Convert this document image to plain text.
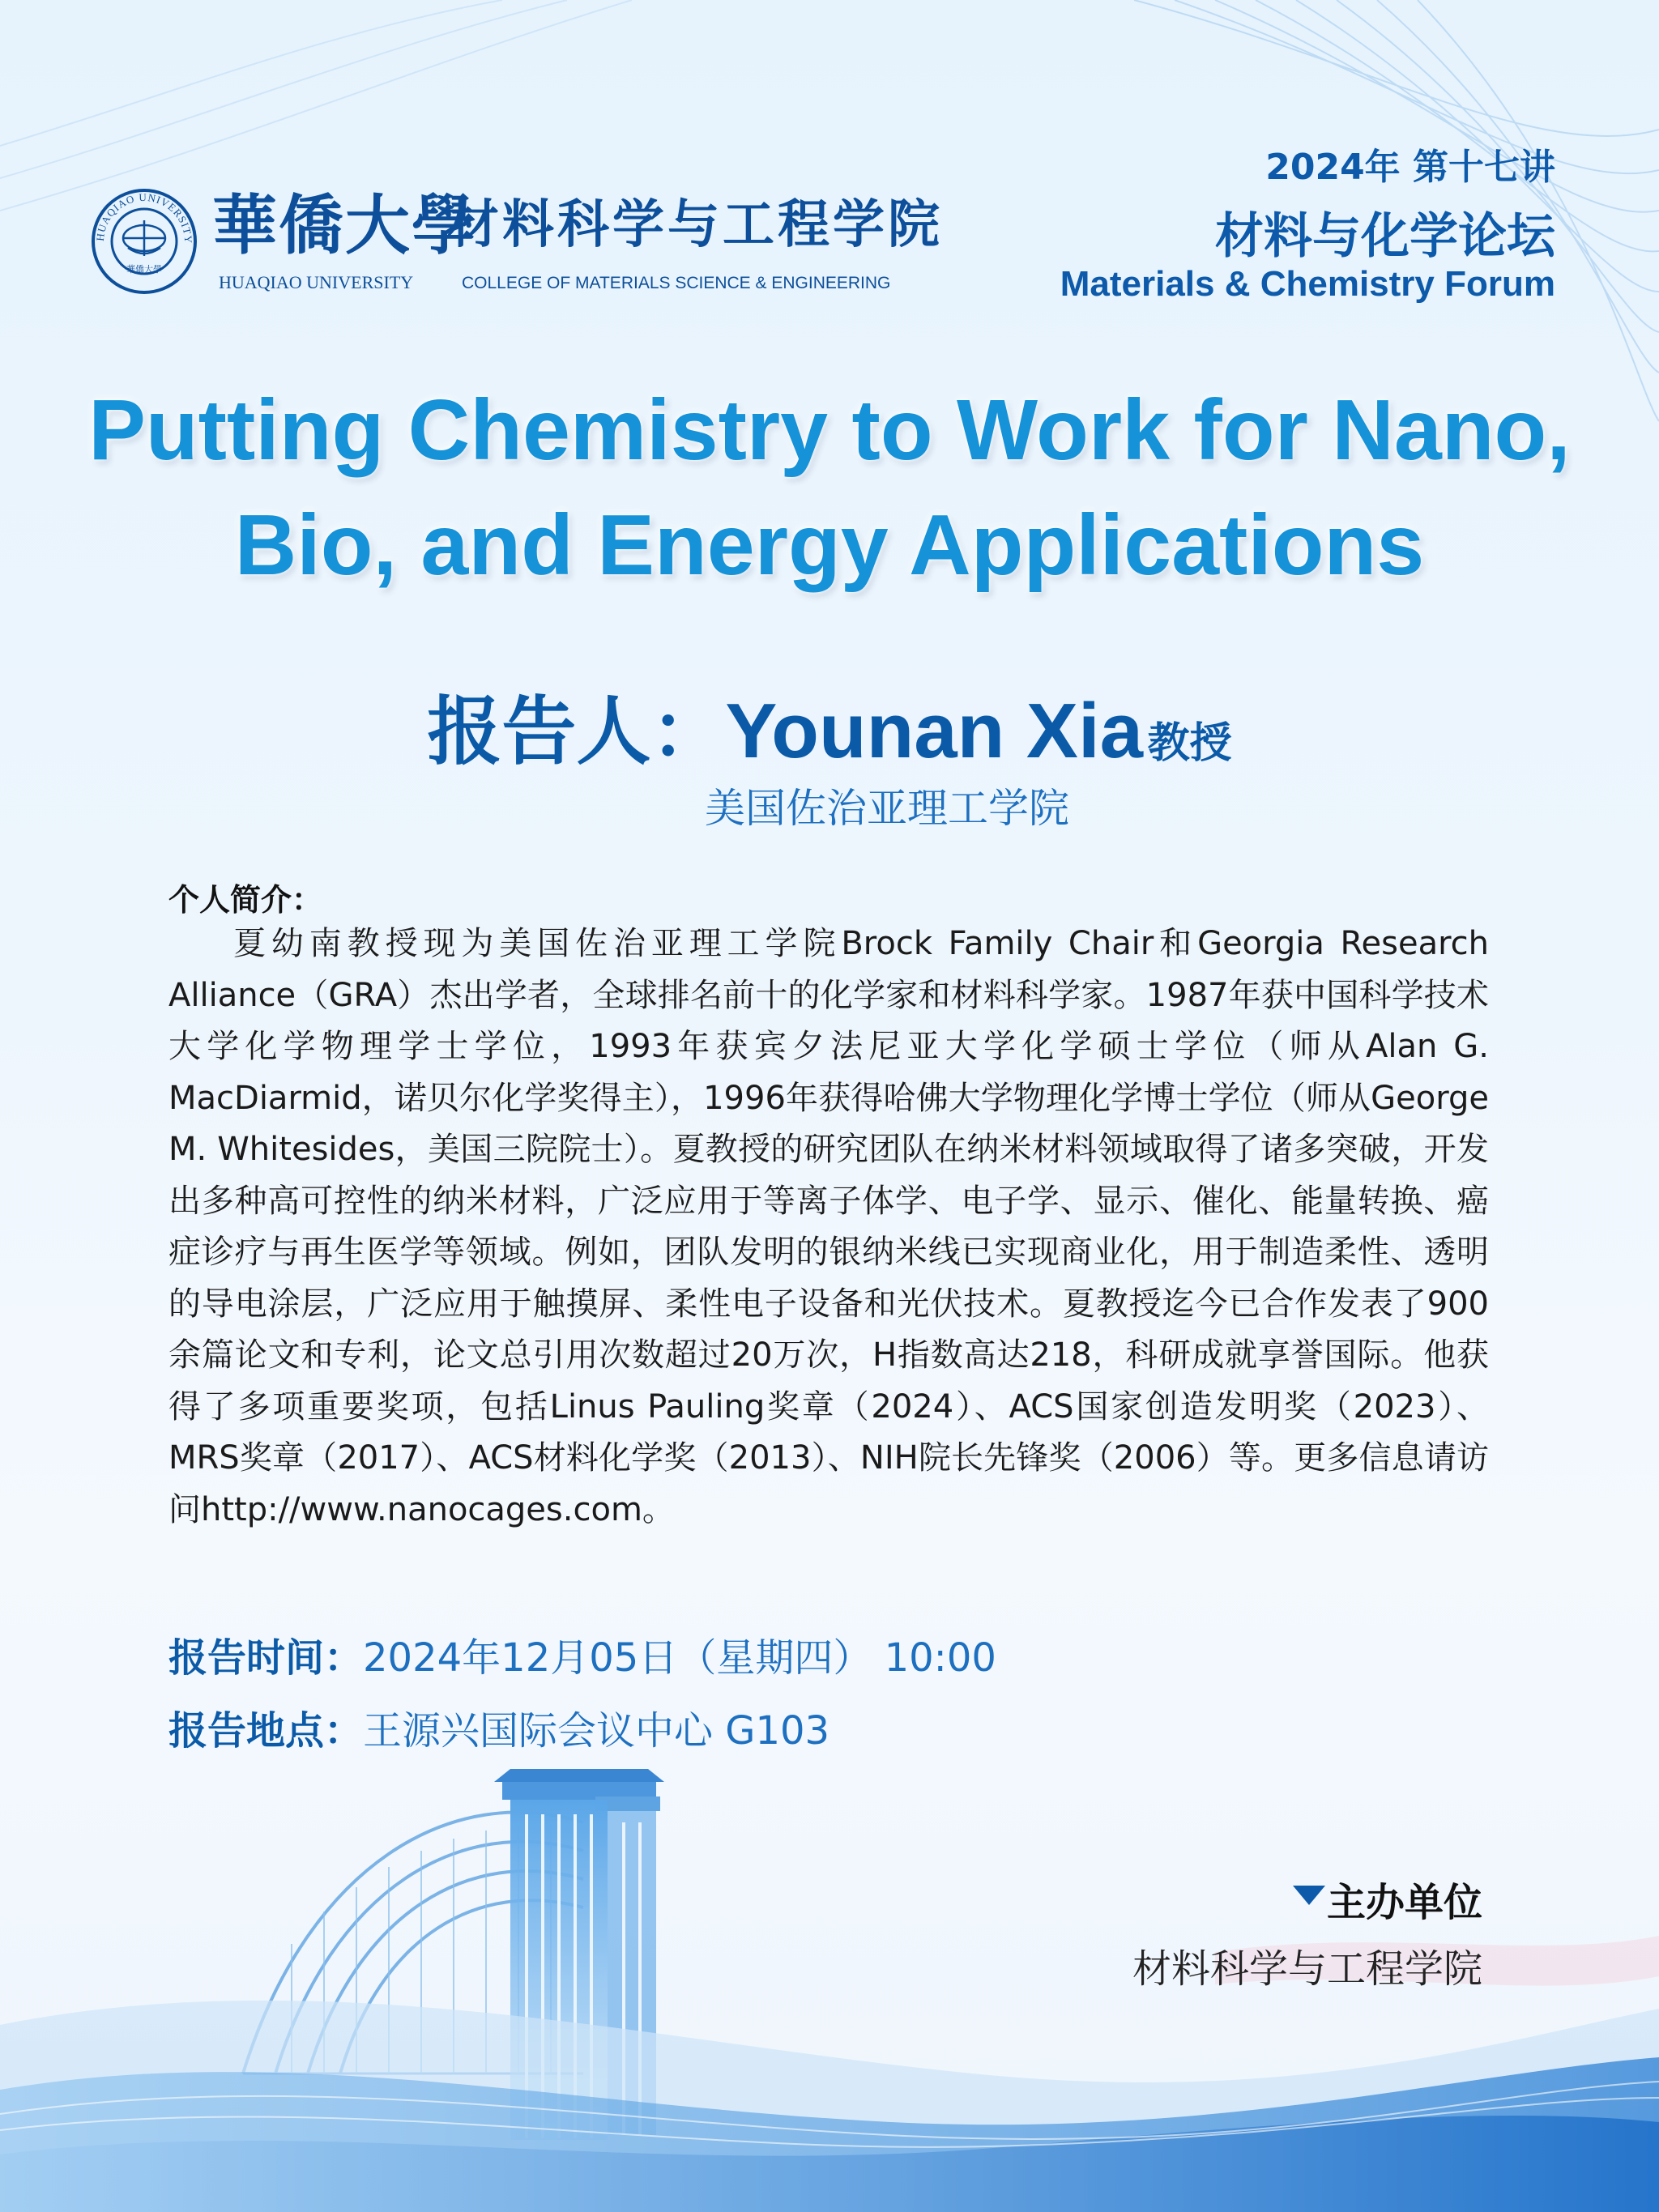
HUAQIAO UNIVERSITY
華僑大學
華僑大學
材料科学与工程学院
HUAQIAO UNIVERSITY	COLLEGE OF MATERIALS SCIENCE & ENGINEERING
2024年 第十七讲
材料与化学论坛
Materials & Chemistry Forum
Putting Chemistry to Work for Nano,
Bio, and Energy Applications
报告人：Younan Xia 教授
美国佐治亚理工学院
个人简介：
夏幼南教授现为美国佐治亚理工学院Brock Family Chair和Georgia Research Alliance（GRA）杰出学者，全球排名前十的化学家和材料科学家。1987年获中国科学技术大学化学物理学士学位，1993年获宾夕法尼亚大学化学硕士学位（师从Alan G. MacDiarmid，诺贝尔化学奖得主），1996年获得哈佛大学物理化学博士学位（师从George M. Whitesides，美国三院院士）。夏教授的研究团队在纳米材料领域取得了诸多突破，开发出多种高可控性的纳米材料，广泛应用于等离子体学、电子学、显示、催化、能量转换、癌症诊疗与再生医学等领域。例如，团队发明的银纳米线已实现商业化，用于制造柔性、透明的导电涂层，广泛应用于触摸屏、柔性电子设备和光伏技术。夏教授迄今已合作发表了900余篇论文和专利，论文总引用次数超过20万次，H指数高达218，科研成就享誉国际。他获得了多项重要奖项，包括Linus Pauling奖章（2024）、ACS国家创造发明奖（2023）、MRS奖章（2017）、ACS材料化学奖（2013）、NIH院长先锋奖（2006）等。更多信息请访问http://www.nanocages.com。
报告时间：2024年12月05日（星期四） 10:00
报告地点：王源兴国际会议中心 G103
主办单位
材料科学与工程学院
